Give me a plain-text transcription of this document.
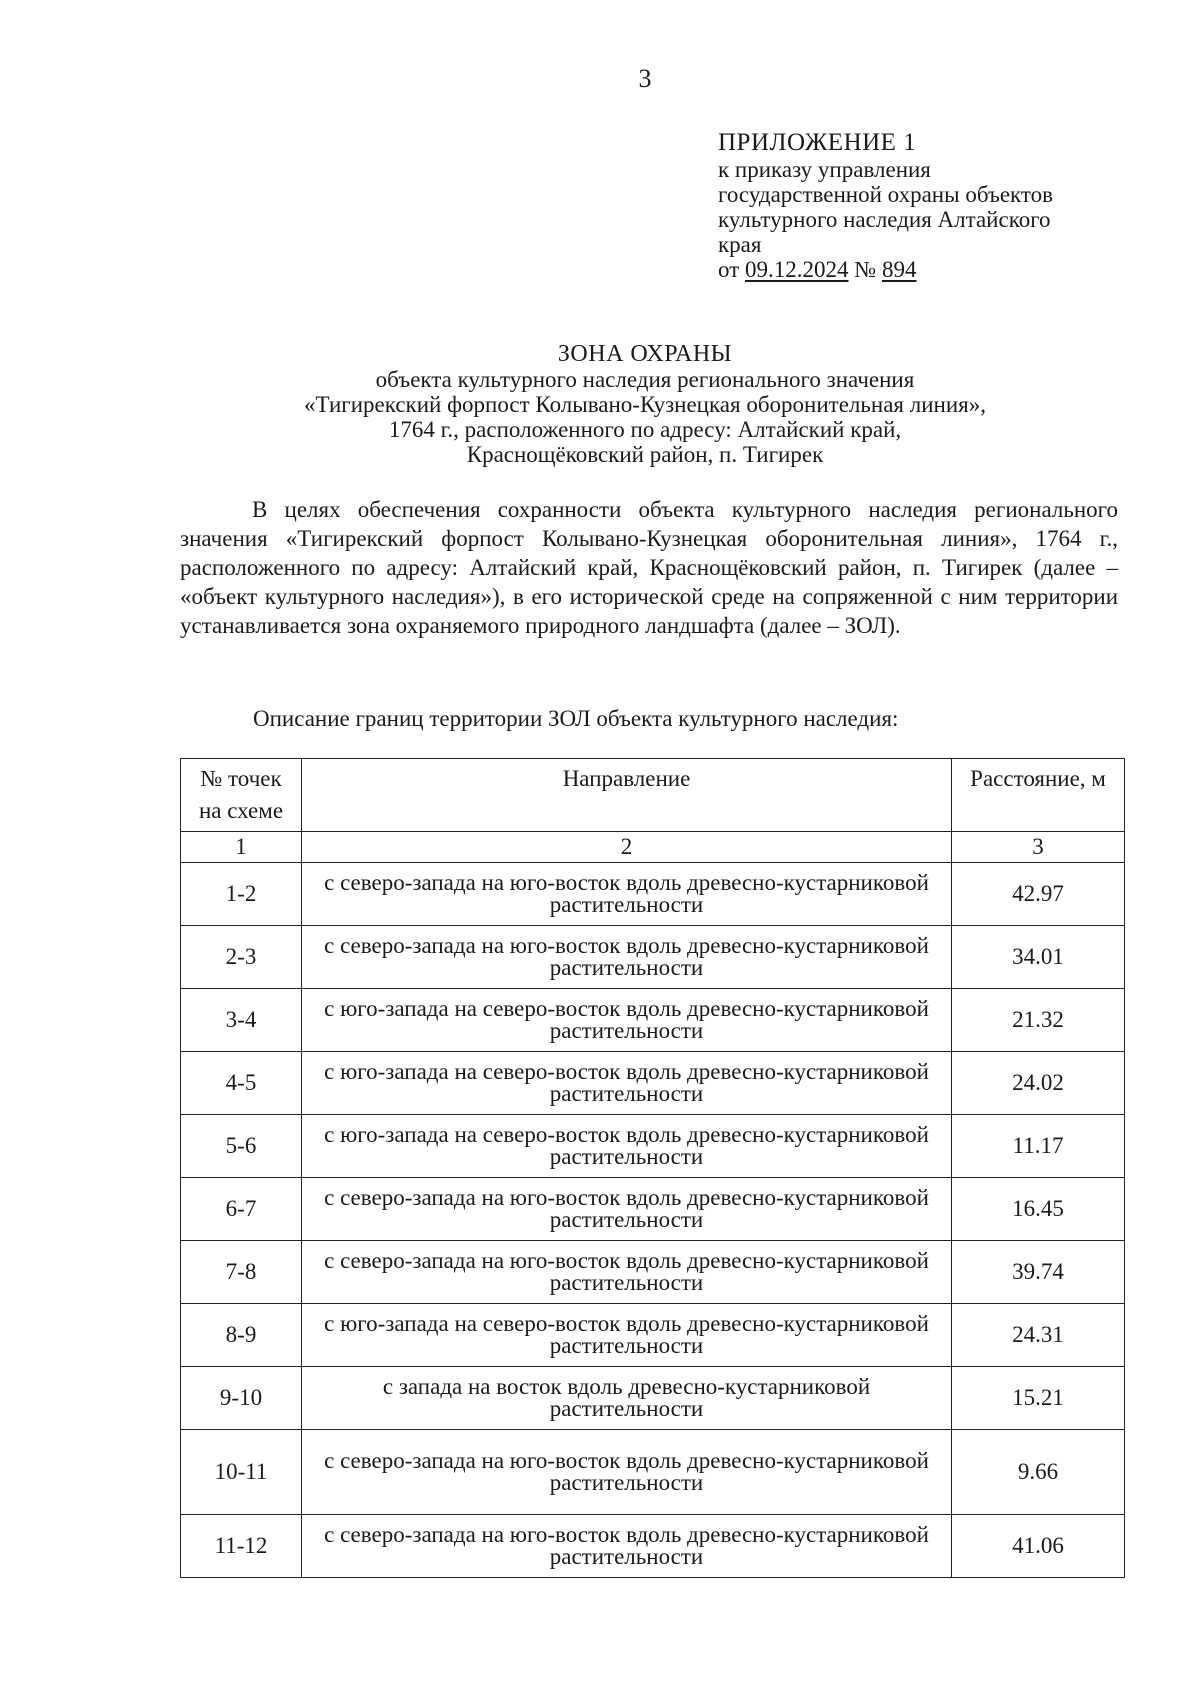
3
ПРИЛОЖЕНИЕ 1
к приказу управления
государственной охраны объектов
культурного наследия Алтайского
края
от 09.12.2024 № 894
ЗОНА ОХРАНЫ
объекта культурного наследия регионального значения
«Тигирекский форпост Колывано-Кузнецкая оборонительная линия»,
1764 г., расположенного по адресу: Алтайский край,
Краснощёковский район, п. Тигирек
В целях обеспечения сохранности объекта культурного наследия регионального значения «Тигирекский форпост Колывано-Кузнецкая оборонительная линия», 1764 г., расположенного по адресу: Алтайский край, Краснощёковский район, п. Тигирек (далее – «объект культурного наследия»), в его исторической среде на сопряженной с ним территории устанавливается зона охраняемого природного ландшафта (далее – ЗОЛ).
Описание границ территории ЗОЛ объекта культурного наследия:
№ точек на схеме	Направление	Расстояние, м
1	2	3
1-2	с северо-запада на юго-восток вдоль древесно-кустарниковой растительности	42.97
2-3	с северо-запада на юго-восток вдоль древесно-кустарниковой растительности	34.01
3-4	с юго-запада на северо-восток вдоль древесно-кустарниковой растительности	21.32
4-5	с юго-запада на северо-восток вдоль древесно-кустарниковой растительности	24.02
5-6	с юго-запада на северо-восток вдоль древесно-кустарниковой растительности	11.17
6-7	с северо-запада на юго-восток вдоль древесно-кустарниковой растительности	16.45
7-8	с северо-запада на юго-восток вдоль древесно-кустарниковой растительности	39.74
8-9	с юго-запада на северо-восток вдоль древесно-кустарниковой растительности	24.31
9-10	с запада на восток вдоль древесно-кустарниковой растительности	15.21
10-11	с северо-запада на юго-восток вдоль древесно-кустарниковой растительности	9.66
11-12	с северо-запада на юго-восток вдоль древесно-кустарниковой растительности	41.06
